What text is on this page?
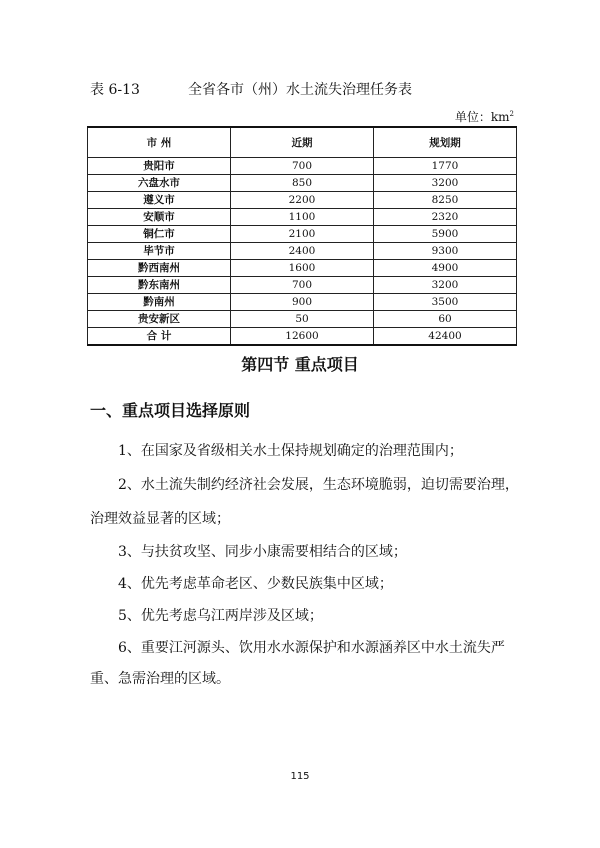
表 6-13	全省各市（州）水土流失治理任务表
单位：$km^2$
市 州	近期	规划期
贵阳市	700	1770
六盘水市	850	3200
遵义市	2200	8250
安顺市	1100	2320
铜仁市	2100	5900
毕节市	2400	9300
黔西南州	1600	4900
黔东南州	700	3200
黔南州	900	3500
贵安新区	50	60
合 计	12600	42400
第四节 重点项目
一、重点项目选择原则
1、在国家及省级相关水土保持规划确定的治理范围内；
2、水土流失制约经济社会发展，生态环境脆弱，迫切需要治理，
治理效益显著的区域；
3、与扶贫攻坚、同步小康需要相结合的区域；
4、优先考虑革命老区、少数民族集中区域；
5、优先考虑乌江两岸涉及区域；
6、重要江河源头、饮用水水源保护和水源涵养区中水土流失严
重、急需治理的区域。
115
